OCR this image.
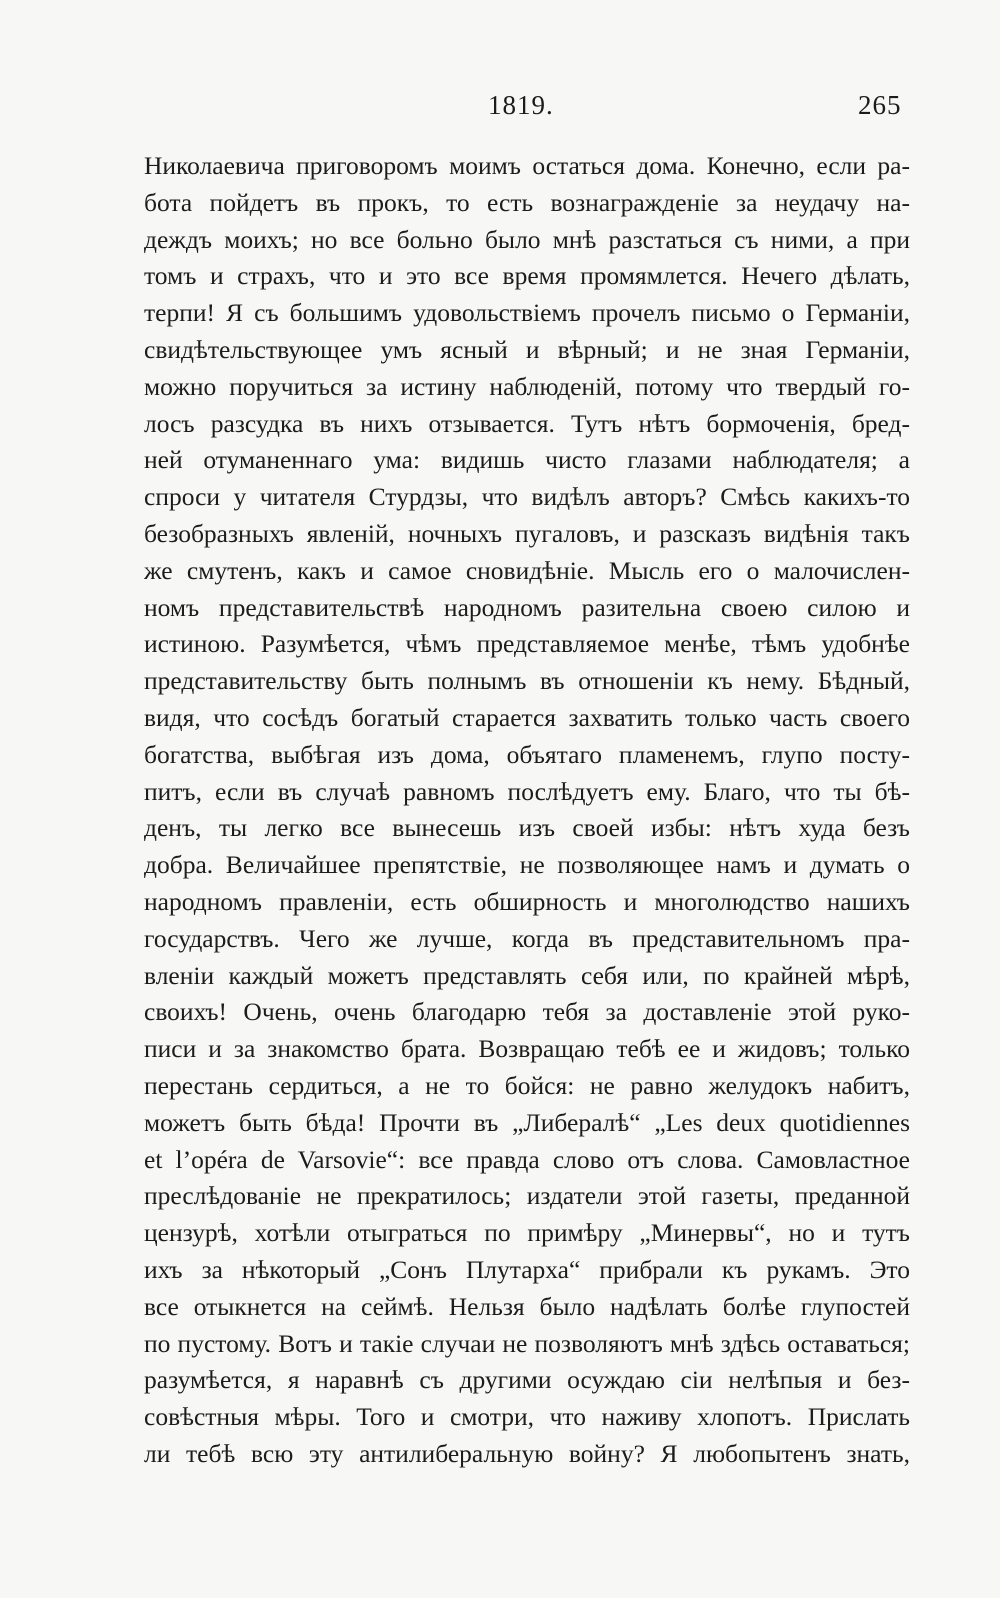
1819.	265
Николаевича приговоромъ моимъ остаться дома. Конечно, если ра-
бота пойдетъ въ прокъ, то есть вознагражденіе за неудачу на-
деждъ моихъ; но все больно было мнѣ разстаться съ ними, а при
томъ и страхъ, что и это все время промямлется. Нечего дѣлать,
терпи! Я съ большимъ удовольствіемъ прочелъ письмо о Германіи,
свидѣтельствующее умъ ясный и вѣрный; и не зная Германіи,
можно поручиться за истину наблюденій, потому что твердый го-
лосъ разсудка въ нихъ отзывается. Тутъ нѣтъ бормоченія, бред-
ней отуманеннаго ума: видишь чисто глазами наблюдателя; а
спроси у читателя Стурдзы, что видѣлъ авторъ? Смѣсь какихъ-то
безобразныхъ явленій, ночныхъ пугаловъ, и разсказъ видѣнія такъ
же смутенъ, какъ и самое сновидѣніе. Мысль его о малочислен-
номъ представительствѣ народномъ разительна своею силою и
истиною. Разумѣется, чѣмъ представляемое менѣе, тѣмъ удобнѣе
представительству быть полнымъ въ отношеніи къ нему. Бѣдный,
видя, что сосѣдъ богатый старается захватить только часть своего
богатства, выбѣгая изъ дома, объятаго пламенемъ, глупо посту-
питъ, если въ случаѣ равномъ послѣдуетъ ему. Благо, что ты бѣ-
денъ, ты легко все вынесешь изъ своей избы: нѣтъ худа безъ
добра. Величайшее препятствіе, не позволяющее намъ и думать о
народномъ правленіи, есть обширность и многолюдство нашихъ
государствъ. Чего же лучше, когда въ представительномъ пра-
вленіи каждый можетъ представлять себя или, по крайней мѣрѣ,
своихъ! Очень, очень благодарю тебя за доставленіе этой руко-
писи и за знакомство брата. Возвращаю тебѣ ее и жидовъ; только
перестань сердиться, а не то бойся: не равно желудокъ набитъ,
можетъ быть бѣда! Прочти въ „Либералѣ“ „Les deux quotidiennes
et l’opéra de Varsovie“: все правда слово отъ слова. Самовластное
преслѣдованіе не прекратилось; издатели этой газеты, преданной
цензурѣ, хотѣли отыграться по примѣру „Минервы“, но и тутъ
ихъ за нѣкоторый „Сонъ Плутарха“ прибрали къ рукамъ. Это
все отыкнется на сеймѣ. Нельзя было надѣлать болѣе глупостей
по пустому. Вотъ и такіе случаи не позволяютъ мнѣ здѣсь оставаться;
разумѣется, я наравнѣ съ другими осуждаю сіи нелѣпыя и без-
совѣстныя мѣры. Того и смотри, что наживу хлопотъ. Прислать
ли тебѣ всю эту антилиберальную войну? Я любопытенъ знать,
